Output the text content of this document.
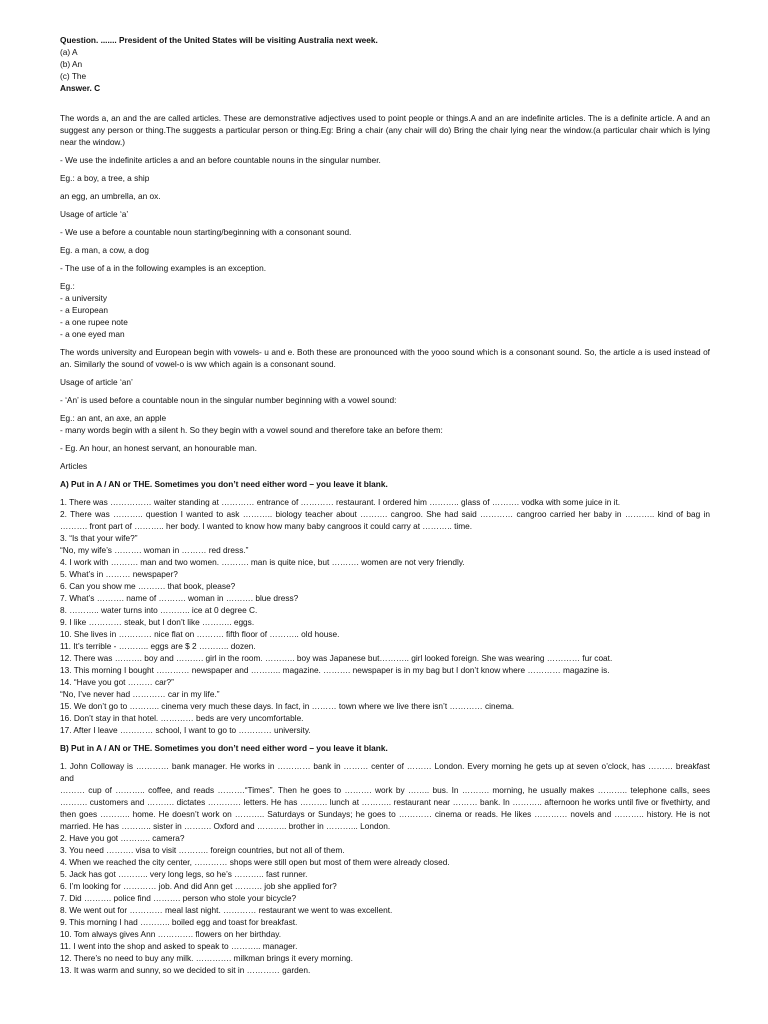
Question. ....... President of the United States will be visiting Australia next week.

(a) A

(b) An

(c) The

Answer. C

The words a, an and the are called articles. These are demonstrative adjectives used to point people or things.A and an are indefinite articles. The is a definite article. A and an suggest any person or thing.The suggests a particular person or thing.Eg: Bring a chair (any chair will do) Bring the chair lying near the window.(a particular chair which is lying near the window.)

- We use the indefinite articles a and an before countable nouns in the singular number.

Eg.: a boy, a tree, a ship

an egg, an umbrella, an ox.

Usage of article ‘a’

- We use a before a countable noun starting/beginning with a consonant sound.

Eg. a man, a cow, a dog

- The use of a in the following examples is an exception.

Eg.:

- a university

- a European

- a one rupee note

- a one eyed man

The words university and European begin with vowels- u and e. Both these are pronounced with the yooo sound which is a consonant sound. So, the article a is used instead of an. Similarly the sound of vowel-o is ww which again is a consonant sound.

Usage of article ‘an’

- ‘An’ is used before a countable noun in the singular number beginning with a vowel sound:

Eg.: an ant, an axe, an apple

- many words begin with a silent h. So they begin with a vowel sound and therefore take an before them:

- Eg. An hour, an honest servant, an honourable man.

Articles

A) Put in A / AN or THE. Sometimes you don’t need either word – you leave it blank.

1. There was …………… waiter standing at ………… entrance of ………… restaurant. I ordered him ……….. glass of ………. vodka with some juice in it.

2. There was ……….. question I wanted to ask ……….. biology teacher about ………. cangroo. She had said ………… cangroo carried her baby in ……….. kind of bag in ………. front part of ……….. her body. I wanted to know how many baby cangroos it could carry at ……….. time.

3. “Is that your wife?”

“No, my wife’s ………. woman in ……… red dress.”

4. I work with ………. man and two women. ………. man is quite nice, but ………. women are not very friendly.

5. What’s in ……… newspaper?

6. Can you show me ………. that book, please?

7. What’s ………. name of ………. woman in ………. blue dress?

8. ……….. water turns into ……….. ice at 0 degree C.

9. I like ………… steak, but I don’t like ……….. eggs.

10. She lives in ………… nice flat on ………. fifth floor of ……….. old house.

11. It’s terrible - ……….. eggs are $ 2 ……….. dozen.

12. There was ………. boy and ………. girl in the room. ……….. boy was Japanese but……….. girl looked foreign. She was wearing ………… fur coat.

13. This morning I bought ………… newspaper and ……….. magazine. ………. newspaper is in my bag but I don’t know where ………… magazine is.

14. “Have you got ……… car?”

“No, I’ve never had ………… car in my life.”

15. We don’t go to ……….. cinema very much these days. In fact, in ……… town where we live there isn’t ………… cinema.

16. Don’t stay in that hotel. ………… beds are very uncomfortable.

17. After I leave ………… school, I want to go to ………… university.

B) Put in A / AN or THE. Sometimes you don’t need either word – you leave it blank.

1. John Colloway is ………… bank manager. He works in ………… bank in ……… center of ……… London. Every morning he gets up at seven o’clock, has ……… breakfast and

……… cup of ……….. coffee, and reads ……….“Times”. Then he goes to ………. work by …….. bus. In ………. morning, he usually makes ……….. telephone calls, sees ………. customers and ………. dictates ………… letters. He has ………. lunch at ……….. restaurant near ……… bank. In ……….. afternoon he works until five or fivethirty, and then goes ……….. home. He doesn’t work on ……….. Saturdays or Sundays; he goes to ………… cinema or reads. He likes ………… novels and ……….. history. He is not married. He has ……….. sister in ………. Oxford and ……….. brother in ………... London.

2. Have you got ……….. camera?

3. You need ………. visa to visit ……….. foreign countries, but not all of them.

4. When we reached the city center, ………… shops were still open but most of them were already closed.

5. Jack has got ……….. very long legs, so he’s ……….. fast runner.

6. I’m looking for ………… job. And did Ann get ………. job she applied for?

7. Did ………. police find ………. person who stole your bicycle?

8. We went out for ………… meal last night. ………… restaurant we went to was excellent.

9. This morning I had ……….. boiled egg and toast for breakfast.

10. Tom always gives Ann …………. flowers on her birthday.

11. I went into the shop and asked to speak to ……….. manager.

12. There’s no need to buy any milk. …………. milkman brings it every morning.

13. It was warm and sunny, so we decided to sit in ………… garden.
